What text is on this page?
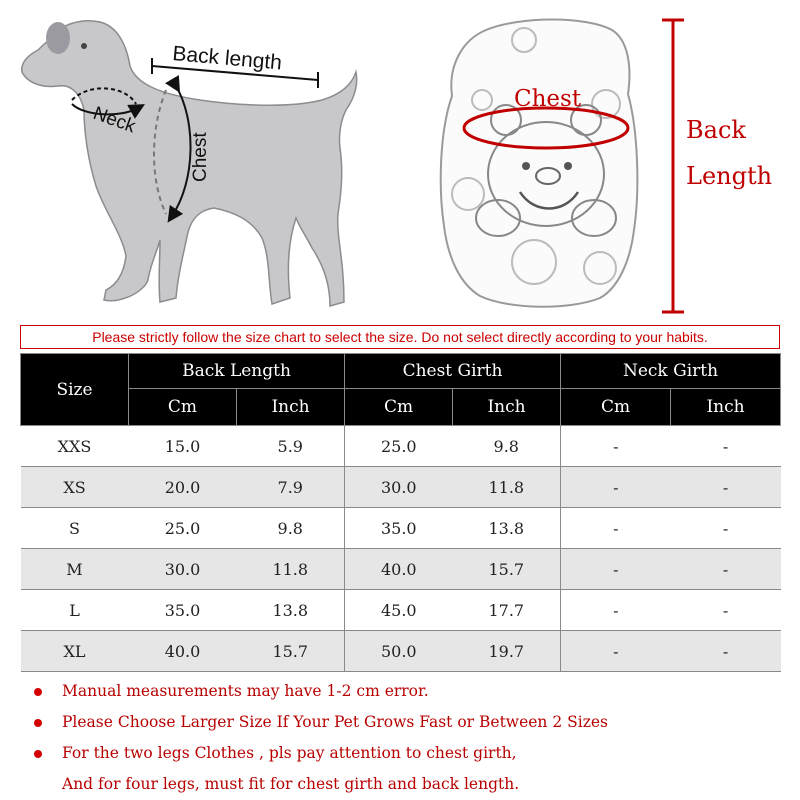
Back length
Neck
Chest
Chest
Back
Length
Please strictly follow the size chart to select the size. Do not select directly according to your habits.
Size	Back Length		Chest Girth		Neck Girth	
	Cm	Inch	Cm	Inch	Cm	Inch
XXS	15.0	5.9	25.0	9.8	-	-
XS	20.0	7.9	30.0	11.8	-	-
S	25.0	9.8	35.0	13.8	-	-
M	30.0	11.8	40.0	15.7	-	-
L	35.0	13.8	45.0	17.7	-	-
XL	40.0	15.7	50.0	19.7	-	-
Manual measurements may have 1-2 cm error.
Please Choose Larger Size If Your Pet Grows Fast or Between 2 Sizes
For the two legs Clothes , pls pay attention to chest girth,
And for four legs, must fit for chest girth and back length.
